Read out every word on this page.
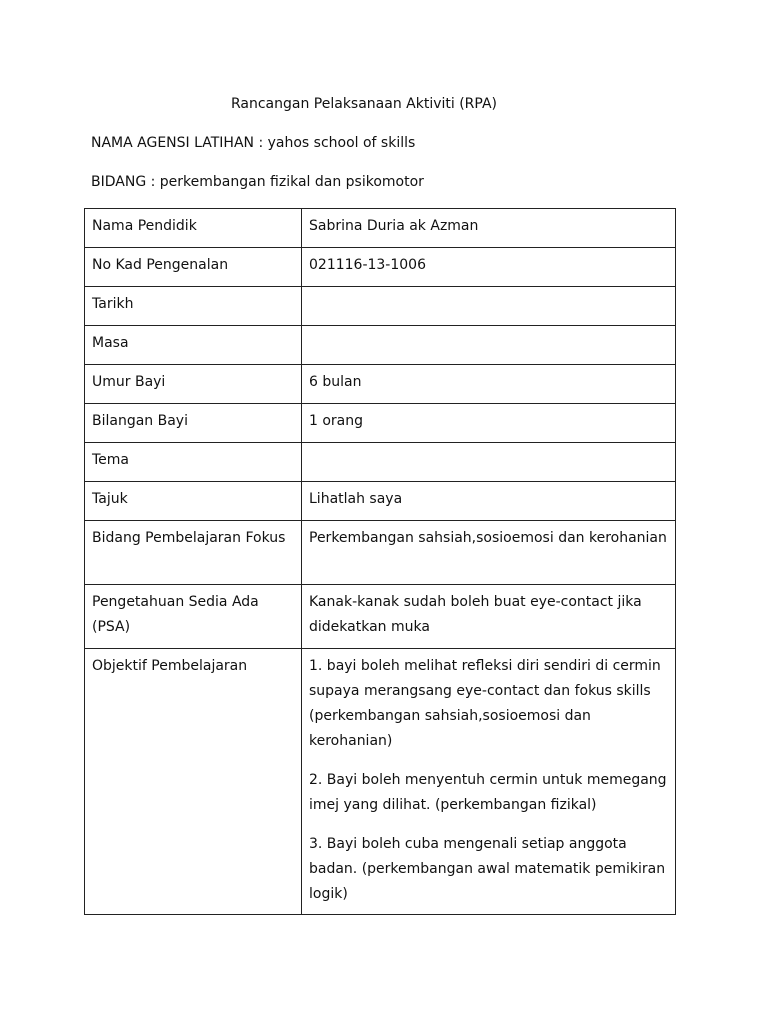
Rancangan Pelaksanaan Aktiviti (RPA)
NAMA AGENSI LATIHAN : yahos school of skills
BIDANG : perkembangan fizikal dan psikomotor
Nama Pendidik	Sabrina Duria ak Azman
No Kad Pengenalan	021116-13-1006
Tarikh	
Masa	
Umur Bayi	6 bulan
Bilangan Bayi	1 orang
Tema	
Tajuk	Lihatlah saya
Bidang Pembelajaran Fokus	Perkembangan sahsiah,sosioemosi dan kerohanian
Pengetahuan Sedia Ada (PSA)	Kanak-kanak sudah boleh buat eye-contact jika didekatkan muka
Objektif Pembelajaran	1. bayi boleh melihat refleksi diri sendiri di cermin supaya merangsang eye-contact dan fokus skills (perkembangan sahsiah,sosioemosi dan kerohanian)

2. Bayi boleh menyentuh cermin untuk memegang imej yang dilihat. (perkembangan fizikal)

3. Bayi boleh cuba mengenali setiap anggota badan. (perkembangan awal matematik pemikiran logik)
